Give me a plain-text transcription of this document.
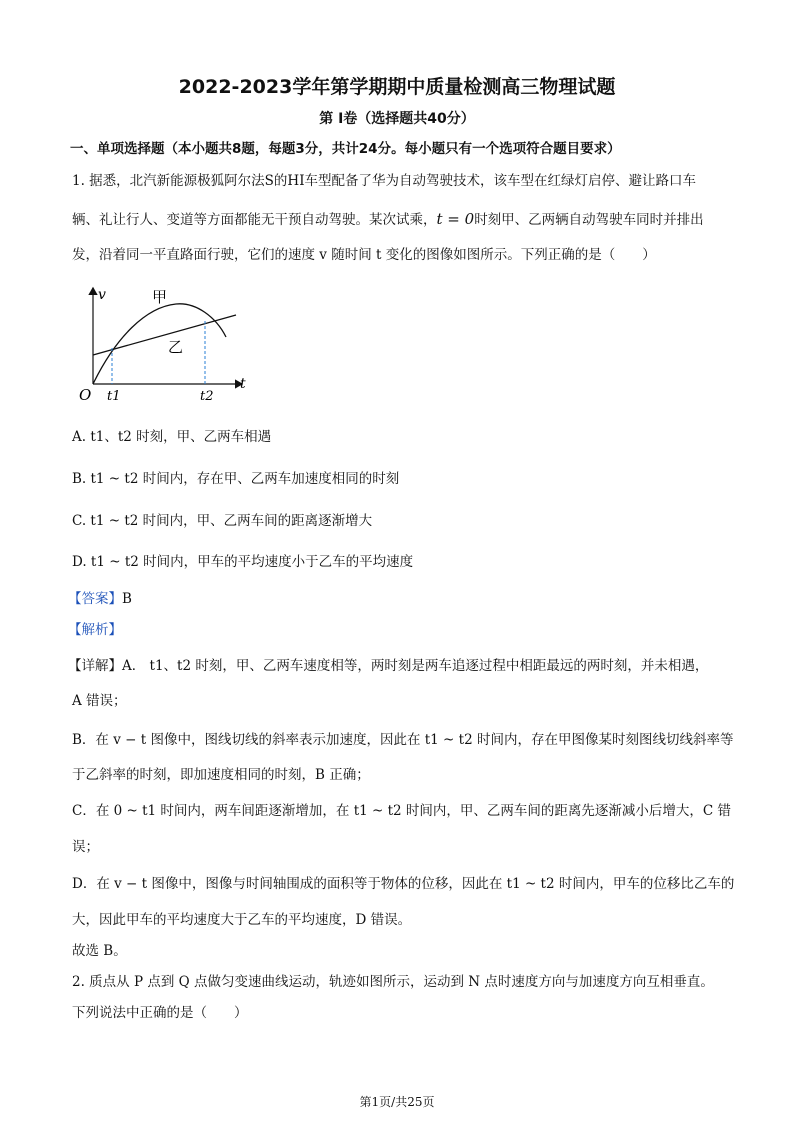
2022-2023学年第学期期中质量检测高三物理试题
第 I卷（选择题共40分）
一、单项选择题（本小题共8题，每题3分，共计24分。每小题只有一个选项符合题目要求）
1. 据悉，北汽新能源极狐阿尔法S的HI车型配备了华为自动驾驶技术，该车型在红绿灯启停、避让路口车
辆、礼让行人、变道等方面都能无干预自动驾驶。某次试乘，t = 0时刻甲、乙两辆自动驾驶车同时并排出
发，沿着同一平直路面行驶，它们的速度 v 随时间 t 变化的图像如图所示。下列正确的是（　　）
v
t
O t1	t2
甲
乙
A. t1、t2 时刻，甲、乙两车相遇
B. t1 ~ t2 时间内，存在甲、乙两车加速度相同的时刻
C. t1 ~ t2 时间内，甲、乙两车间的距离逐渐增大
D. t1 ~ t2 时间内，甲车的平均速度小于乙车的平均速度
【答案】B
【解析】
【详解】A． t1、t2 时刻，甲、乙两车速度相等，两时刻是两车追逐过程中相距最远的两时刻，并未相遇，
A 错误；
B．在 v − t 图像中，图线切线的斜率表示加速度，因此在 t1 ~ t2 时间内，存在甲图像某时刻图线切线斜率等
于乙斜率的时刻，即加速度相同的时刻，B 正确；
C．在 0 ~ t1 时间内，两车间距逐渐增加，在 t1 ~ t2 时间内，甲、乙两车间的距离先逐渐减小后增大，C 错
误；
D．在 v − t 图像中，图像与时间轴围成的面积等于物体的位移，因此在 t1 ~ t2 时间内，甲车的位移比乙车的
大，因此甲车的平均速度大于乙车的平均速度，D 错误。
故选 B。
2. 质点从 P 点到 Q 点做匀变速曲线运动，轨迹如图所示，运动到 N 点时速度方向与加速度方向互相垂直。
下列说法中正确的是（　　）
第1页/共25页
